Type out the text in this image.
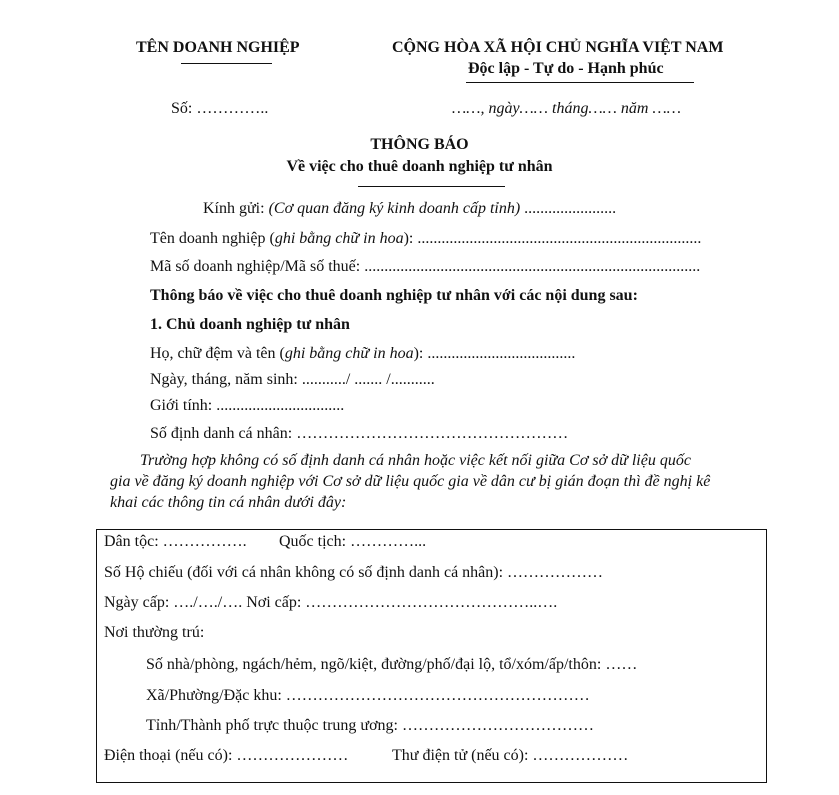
TÊN DOANH NGHIỆP	CỘNG HÒA XÃ HỘI CHỦ NGHĨA VIỆT NAM
Độc lập - Tự do - Hạnh phúc
Số: …………..	……, ngày…… tháng…… năm ……
THÔNG BÁO
Về việc cho thuê doanh nghiệp tư nhân
Kính gửi: (Cơ quan đăng ký kinh doanh cấp tỉnh) .......................
Tên doanh nghiệp (ghi bằng chữ in hoa): .......................................................................
Mã số doanh nghiệp/Mã số thuế: ....................................................................................
Thông báo về việc cho thuê doanh nghiệp tư nhân với các nội dung sau:
1. Chủ doanh nghiệp tư nhân
Họ, chữ đệm và tên (ghi bằng chữ in hoa): .....................................
Ngày, tháng, năm sinh: .........../ ....... /...........
Giới tính: ................................
Số định danh cá nhân: ……………………………………………
Trường hợp không có số định danh cá nhân hoặc việc kết nối giữa Cơ sở dữ liệu quốc
gia về đăng ký doanh nghiệp với Cơ sở dữ liệu quốc gia về dân cư bị gián đoạn thì đề nghị kê
khai các thông tin cá nhân dưới đây:
Dân tộc: ……………. Quốc tịch: …………...
Số Hộ chiếu (đối với cá nhân không có số định danh cá nhân): ………………
Ngày cấp: …./…./…. Nơi cấp: ……………………………………..….
Nơi thường trú:
Số nhà/phòng, ngách/hẻm, ngõ/kiệt, đường/phố/đại lộ, tổ/xóm/ấp/thôn: ……
Xã/Phường/Đặc khu: …………………………………………………
Tỉnh/Thành phố trực thuộc trung ương: ………………………………
Điện thoại (nếu có): …………………	Thư điện tử (nếu có): ………………
